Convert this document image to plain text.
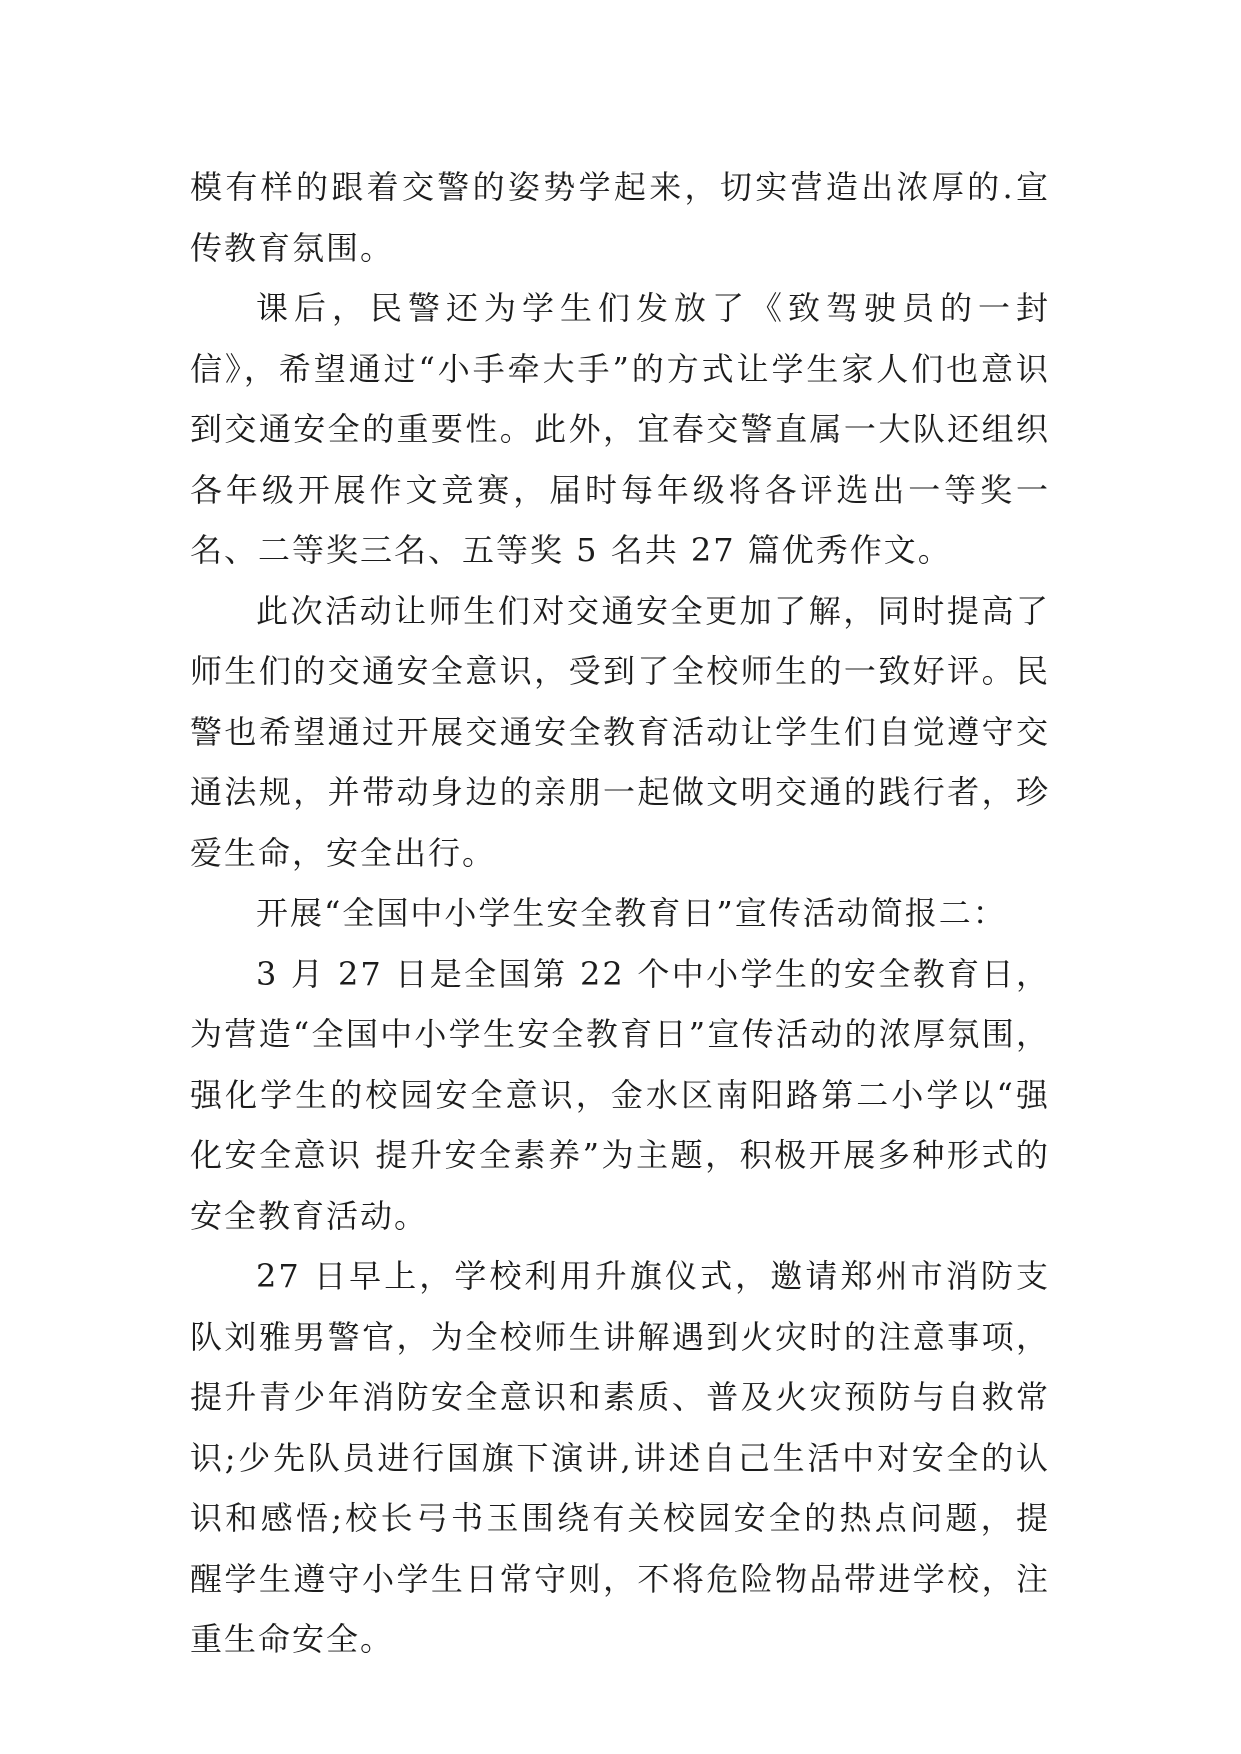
模有样的跟着交警的姿势学起来，切实营造出浓厚的.宣传教育氛围。

课后，民警还为学生们发放了《致驾驶员的一封信》，希望通过“小手牵大手”的方式让学生家人们也意识到交通安全的重要性。此外，宜春交警直属一大队还组织各年级开展作文竞赛，届时每年级将各评选出一等奖一名、二等奖三名、五等奖 5 名共 27 篇优秀作文。

此次活动让师生们对交通安全更加了解，同时提高了师生们的交通安全意识，受到了全校师生的一致好评。民警也希望通过开展交通安全教育活动让学生们自觉遵守交通法规，并带动身边的亲朋一起做文明交通的践行者，珍爱生命，安全出行。

开展“全国中小学生安全教育日”宣传活动简报二：

3 月 27 日是全国第 22 个中小学生的安全教育日，为营造“全国中小学生安全教育日”宣传活动的浓厚氛围，强化学生的校园安全意识，金水区南阳路第二小学以“强化安全意识 提升安全素养”为主题，积极开展多种形式的安全教育活动。

27 日早上，学校利用升旗仪式，邀请郑州市消防支队刘雅男警官，为全校师生讲解遇到火灾时的注意事项，提升青少年消防安全意识和素质、普及火灾预防与自救常识;少先队员进行国旗下演讲,讲述自己生活中对安全的认识和感悟;校长弓书玉围绕有关校园安全的热点问题，提醒学生遵守小学生日常守则，不将危险物品带进学校，注重生命安全。
